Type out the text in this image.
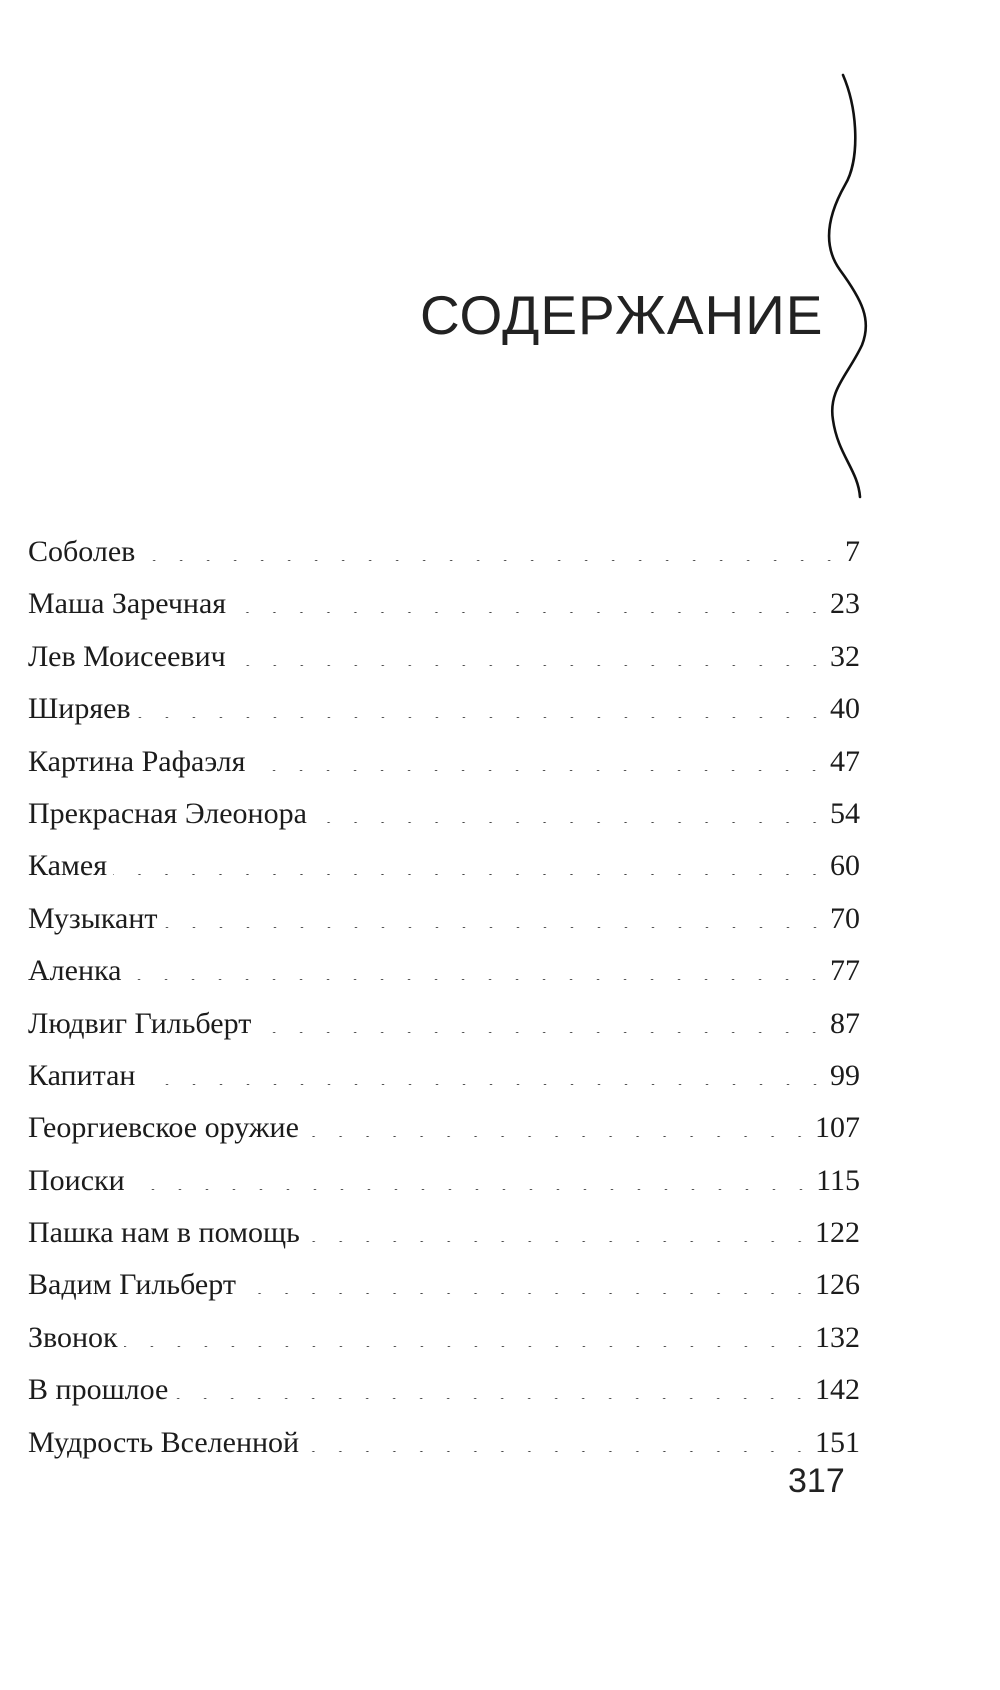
СОДЕРЖАНИЕ
Соболев	7
Маша Заречная	23
Лев Моисеевич	32
Ширяев	40
Картина Рафаэля	47
Прекрасная Элеонора	54
Камея	60
Музыкант	70
Аленка	77
Людвиг Гильберт	87
Капитан	99
Георгиевское оружие	107
Поиски	115
Пашка нам в помощь	122
Вадим Гильберт	126
Звонок	132
В прошлое	142
Мудрость Вселенной	151
317
